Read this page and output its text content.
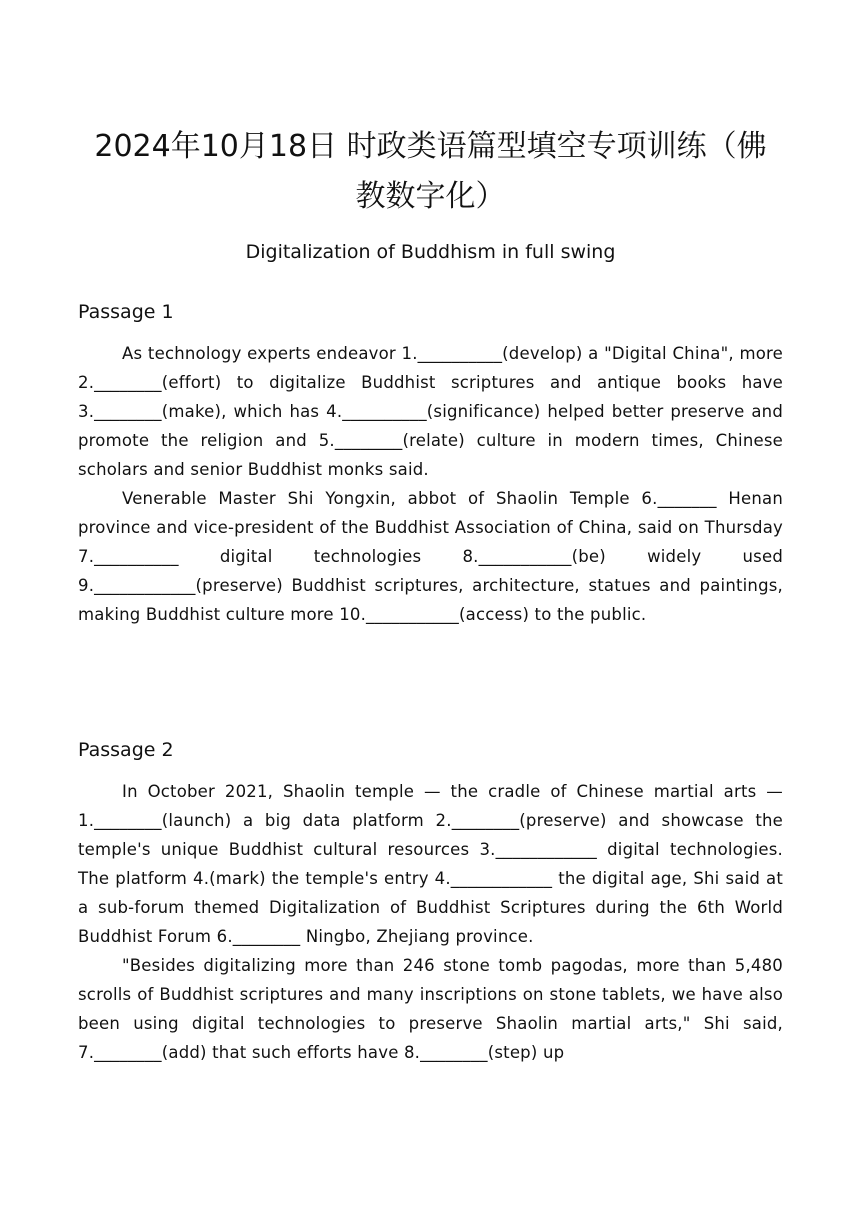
2024年10月18日 时政类语篇型填空专项训练（佛
教数字化）
Digitalization of Buddhism in full swing
Passage 1

As technology experts endeavor 1.__________(develop) a "Digital China", more 2.________(effort) to digitalize Buddhist scriptures and antique books have 3.________(make), which has 4.__________(significance) helped better preserve and promote the religion and 5.________(relate) culture in modern times, Chinese scholars and senior Buddhist monks said.

Venerable Master Shi Yongxin, abbot of Shaolin Temple 6._______ Henan province and vice-president of the Buddhist Association of China, said on Thursday 7.__________ digital technologies 8.___________(be) widely used 9.____________(preserve) Buddhist scriptures, architecture, statues and paintings, making Buddhist culture more 10.___________(access) to the public.

Passage 2

In October 2021, Shaolin temple — the cradle of Chinese martial arts — 1.________(launch) a big data platform 2.________(preserve) and showcase the temple's unique Buddhist cultural resources 3.____________ digital technologies. The platform 4.(mark) the temple's entry 4.____________ the digital age, Shi said at a sub-forum themed Digitalization of Buddhist Scriptures during the 6th World Buddhist Forum 6.________ Ningbo, Zhejiang province.

"Besides digitalizing more than 246 stone tomb pagodas, more than 5,480 scrolls of Buddhist scriptures and many inscriptions on stone tablets, we have also been using digital technologies to preserve Shaolin martial arts," Shi said, 7.________(add) that such efforts have 8.________(step) up
